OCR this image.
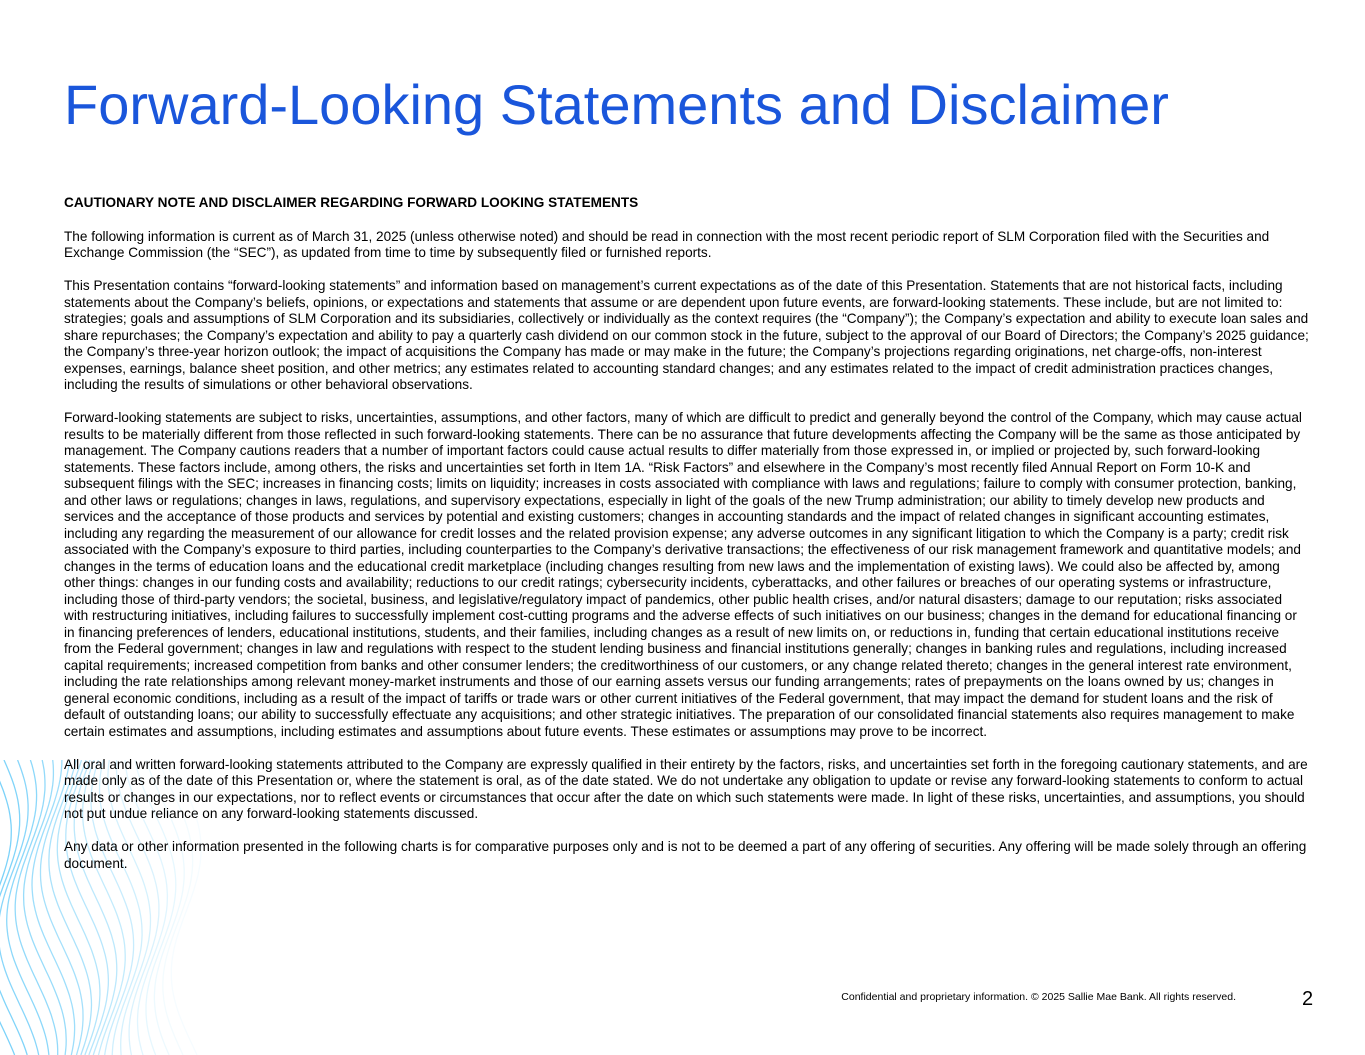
Forward-Looking Statements and Disclaimer
CAUTIONARY NOTE AND DISCLAIMER REGARDING FORWARD LOOKING STATEMENTS

The following information is current as of March 31, 2025 (unless otherwise noted) and should be read in connection with the most recent periodic report of SLM Corporation filed with the Securities and Exchange Commission (the “SEC”), as updated from time to time by subsequently filed or furnished reports.

This Presentation contains “forward-looking statements” and information based on management’s current expectations as of the date of this Presentation. Statements that are not historical facts, including statements about the Company’s beliefs, opinions, or expectations and statements that assume or are dependent upon future events, are forward-looking statements. These include, but are not limited to: strategies; goals and assumptions of SLM Corporation and its subsidiaries, collectively or individually as the context requires (the “Company”); the Company’s expectation and ability to execute loan sales and share repurchases; the Company’s expectation and ability to pay a quarterly cash dividend on our common stock in the future, subject to the approval of our Board of Directors; the Company’s 2025 guidance; the Company’s three-year horizon outlook; the impact of acquisitions the Company has made or may make in the future; the Company’s projections regarding originations, net charge-offs, non-interest expenses, earnings, balance sheet position, and other metrics; any estimates related to accounting standard changes; and any estimates related to the impact of credit administration practices changes, including the results of simulations or other behavioral observations.

Forward-looking statements are subject to risks, uncertainties, assumptions, and other factors, many of which are difficult to predict and generally beyond the control of the Company, which may cause actual results to be materially different from those reflected in such forward-looking statements. There can be no assurance that future developments affecting the Company will be the same as those anticipated by management. The Company cautions readers that a number of important factors could cause actual results to differ materially from those expressed in, or implied or projected by, such forward-looking statements. These factors include, among others, the risks and uncertainties set forth in Item 1A. “Risk Factors” and elsewhere in the Company’s most recently filed Annual Report on Form 10-K and subsequent filings with the SEC; increases in financing costs; limits on liquidity; increases in costs associated with compliance with laws and regulations; failure to comply with consumer protection, banking, and other laws or regulations; changes in laws, regulations, and supervisory expectations, especially in light of the goals of the new Trump administration; our ability to timely develop new products and services and the acceptance of those products and services by potential and existing customers; changes in accounting standards and the impact of related changes in significant accounting estimates, including any regarding the measurement of our allowance for credit losses and the related provision expense; any adverse outcomes in any significant litigation to which the Company is a party; credit risk associated with the Company’s exposure to third parties, including counterparties to the Company’s derivative transactions; the effectiveness of our risk management framework and quantitative models; and changes in the terms of education loans and the educational credit marketplace (including changes resulting from new laws and the implementation of existing laws). We could also be affected by, among other things: changes in our funding costs and availability; reductions to our credit ratings; cybersecurity incidents, cyberattacks, and other failures or breaches of our operating systems or infrastructure, including those of third-party vendors; the societal, business, and legislative/regulatory impact of pandemics, other public health crises, and/or natural disasters; damage to our reputation; risks associated with restructuring initiatives, including failures to successfully implement cost-cutting programs and the adverse effects of such initiatives on our business; changes in the demand for educational financing or in financing preferences of lenders, educational institutions, students, and their families, including changes as a result of new limits on, or reductions in, funding that certain educational institutions receive from the Federal government; changes in law and regulations with respect to the student lending business and financial institutions generally; changes in banking rules and regulations, including increased capital requirements; increased competition from banks and other consumer lenders; the creditworthiness of our customers, or any change related thereto; changes in the general interest rate environment, including the rate relationships among relevant money-market instruments and those of our earning assets versus our funding arrangements; rates of prepayments on the loans owned by us; changes in general economic conditions, including as a result of the impact of tariffs or trade wars or other current initiatives of the Federal government, that may impact the demand for student loans and the risk of default of outstanding loans; our ability to successfully effectuate any acquisitions; and other strategic initiatives. The preparation of our consolidated financial statements also requires management to make certain estimates and assumptions, including estimates and assumptions about future events. These estimates or assumptions may prove to be incorrect.

All oral and written forward-looking statements attributed to the Company are expressly qualified in their entirety by the factors, risks, and uncertainties set forth in the foregoing cautionary statements, and are made only as of the date of this Presentation or, where the statement is oral, as of the date stated. We do not undertake any obligation to update or revise any forward-looking statements to conform to actual results or changes in our expectations, nor to reflect events or circumstances that occur after the date on which such statements were made. In light of these risks, uncertainties, and assumptions, you should not put undue reliance on any forward-looking statements discussed.

Any data or other information presented in the following charts is for comparative purposes only and is not to be deemed a part of any offering of securities. Any offering will be made solely through an offering document.

Confidential and proprietary information. © 2025 Sallie Mae Bank. All rights reserved.	2
